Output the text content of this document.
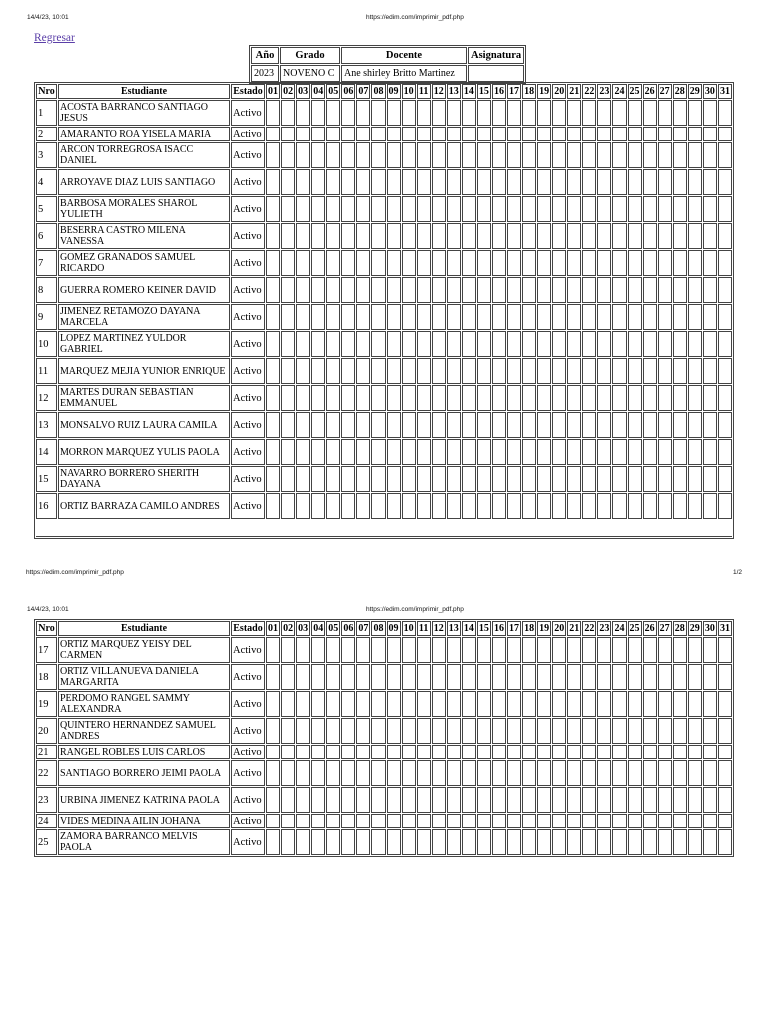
14/4/23, 10:01	https://edim.com/imprimir_pdf.php
Regresar
Año	Grado	Docente	Asignatura
2023	NOVENO C	Ane shirley Britto Martinez	
Nro	Estudiante	Estado	01	02	03	04	05	06	07	08	09	10	11	12	13	14	15	16	17	18	19	20	21	22	23	24	25	26	27	28	29	30	31
1	ACOSTA BARRANCO SANTIAGO JESUS	Activo																															
2	AMARANTO ROA YISELA MARIA	Activo																															
3	ARCON TORREGROSA ISACC DANIEL	Activo																															
4	ARROYAVE DIAZ LUIS SANTIAGO	Activo																															
5	BARBOSA MORALES SHAROL YULIETH	Activo																															
6	BESERRA CASTRO MILENA VANESSA	Activo																															
7	GOMEZ GRANADOS SAMUEL RICARDO	Activo																															
8	GUERRA ROMERO KEINER DAVID	Activo																															
9	JIMENEZ RETAMOZO DAYANA MARCELA	Activo																															
10	LOPEZ MARTINEZ YULDOR GABRIEL	Activo																															
11	MARQUEZ MEJIA YUNIOR ENRIQUE	Activo																															
12	MARTES DURAN SEBASTIAN EMMANUEL	Activo																															
13	MONSALVO RUIZ LAURA CAMILA	Activo																															
14	MORRON MARQUEZ YULIS PAOLA	Activo																															
15	NAVARRO BORRERO SHERITH DAYANA	Activo																															
16	ORTIZ BARRAZA CAMILO ANDRES	Activo																															

https://edim.com/imprimir_pdf.php	1/2
14/4/23, 10:01	https://edim.com/imprimir_pdf.php
Nro	Estudiante	Estado	01	02	03	04	05	06	07	08	09	10	11	12	13	14	15	16	17	18	19	20	21	22	23	24	25	26	27	28	29	30	31
17	ORTIZ MARQUEZ YEISY DEL CARMEN	Activo																															
18	ORTIZ VILLANUEVA DANIELA MARGARITA	Activo																															
19	PERDOMO RANGEL SAMMY ALEXANDRA	Activo																															
20	QUINTERO HERNANDEZ SAMUEL ANDRES	Activo																															
21	RANGEL ROBLES LUIS CARLOS	Activo																															
22	SANTIAGO BORRERO JEIMI PAOLA	Activo																															
23	URBINA JIMENEZ KATRINA PAOLA	Activo																															
24	VIDES MEDINA AILIN JOHANA	Activo																															
25	ZAMORA BARRANCO MELVIS PAOLA	Activo																															
